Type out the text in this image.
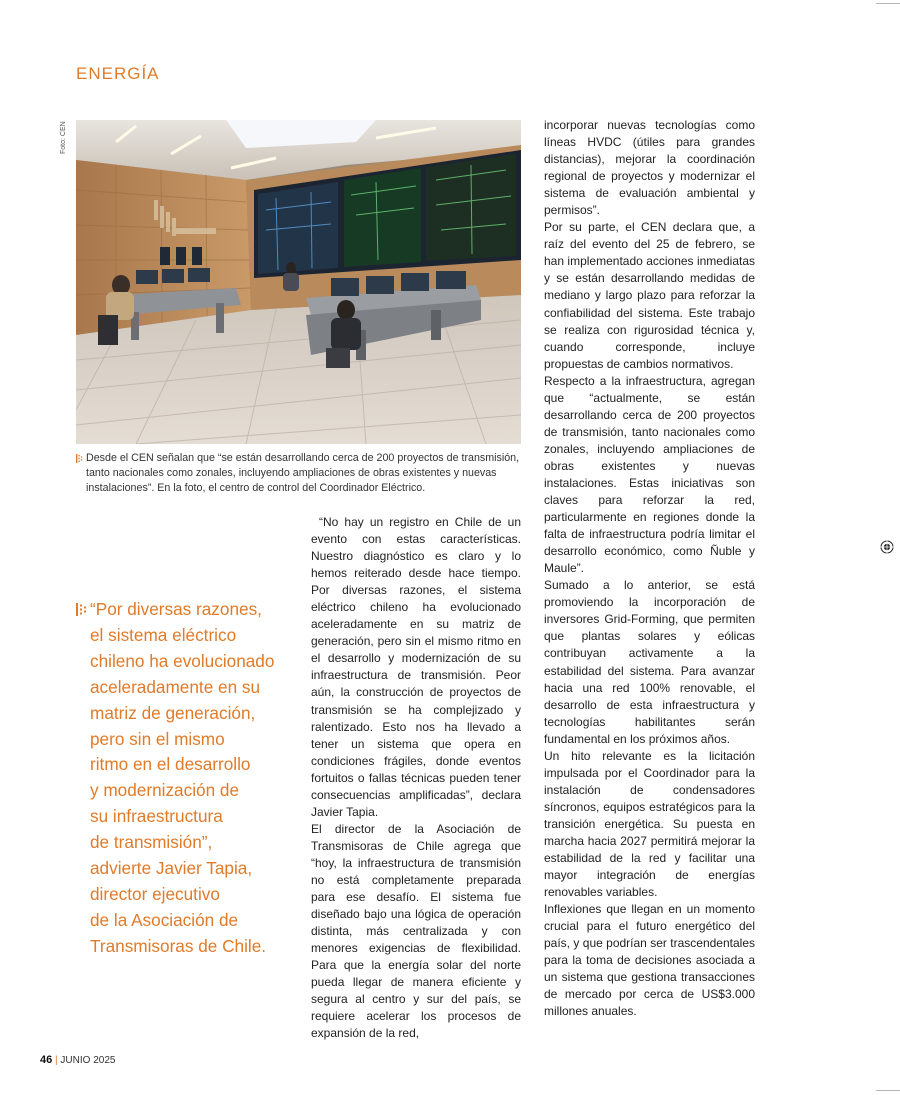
ENERGÍA
Foto: CEN
Desde el CEN señalan que “se están desarrollando cerca de 200 proyectos de transmisión, tanto nacionales como zonales, incluyendo ampliaciones de obras existentes y nuevas instalaciones”. En la foto, el centro de control del Coordinador Eléctrico.
“Por diversas razones,
el sistema eléctrico
chileno ha evolucionado
aceleradamente en su
matriz de generación,
pero sin el mismo
ritmo en el desarrollo
y modernización de
su infraestructura
de transmisión”,
advierte Javier Tapia,
director ejecutivo
de la Asociación de
Transmisoras de Chile.

“No hay un registro en Chile de un evento con estas características. Nuestro diagnóstico es claro y lo hemos reiterado desde hace tiempo. Por diversas razones, el sistema eléctrico chileno ha evolucionado aceleradamente en su matriz de generación, pero sin el mismo ritmo en el desarrollo y modernización de su infraestructura de transmisión. Peor aún, la construcción de proyectos de transmisión se ha complejizado y ralentizado. Esto nos ha llevado a tener un sistema que opera en condiciones frágiles, donde eventos fortuitos o fallas técnicas pueden tener consecuencias amplificadas”, declara Javier Tapia.

El director de la Asociación de Transmisoras de Chile agrega que “hoy, la infraestructura de transmisión no está completamente preparada para ese desafío. El sistema fue diseñado bajo una lógica de operación distinta, más centralizada y con menores exigencias de flexibilidad. Para que la energía solar del norte pueda llegar de manera eficiente y segura al centro y sur del país, se requiere acelerar los procesos de expansión de la red,

incorporar nuevas tecnologías como líneas HVDC (útiles para grandes distancias), mejorar la coordinación regional de proyectos y modernizar el sistema de evaluación ambiental y permisos”.

Por su parte, el CEN declara que, a raíz del evento del 25 de febrero, se han implementado acciones inmediatas y se están desarrollando medidas de mediano y largo plazo para reforzar la confiabilidad del sistema. Este trabajo se realiza con rigurosidad técnica y, cuando corresponde, incluye propuestas de cambios normativos.

Respecto a la infraestructura, agregan que “actualmente, se están desarrollando cerca de 200 proyectos de transmisión, tanto nacionales como zonales, incluyendo ampliaciones de obras existentes y nuevas instalaciones. Estas iniciativas son claves para reforzar la red, particularmente en regiones donde la falta de infraestructura podría limitar el desarrollo económico, como Ñuble y Maule”.

Sumado a lo anterior, se está promoviendo la incorporación de inversores Grid-Forming, que permiten que plantas solares y eólicas contribuyan activamente a la estabilidad del sistema. Para avanzar hacia una red 100% renovable, el desarrollo de esta infraestructura y tecnologías habilitantes serán fundamental en los próximos años.

Un hito relevante es la licitación impulsada por el Coordinador para la instalación de condensadores síncronos, equipos estratégicos para la transición energética. Su puesta en marcha hacia 2027 permitirá mejorar la estabilidad de la red y facilitar una mayor integración de energías renovables variables.

Inflexiones que llegan en un momento crucial para el futuro energético del país, y que podrían ser trascendentales para la toma de decisiones asociada a un sistema que gestiona transacciones de mercado por cerca de US$3.000 millones anuales.

46 | JUNIO 2025
